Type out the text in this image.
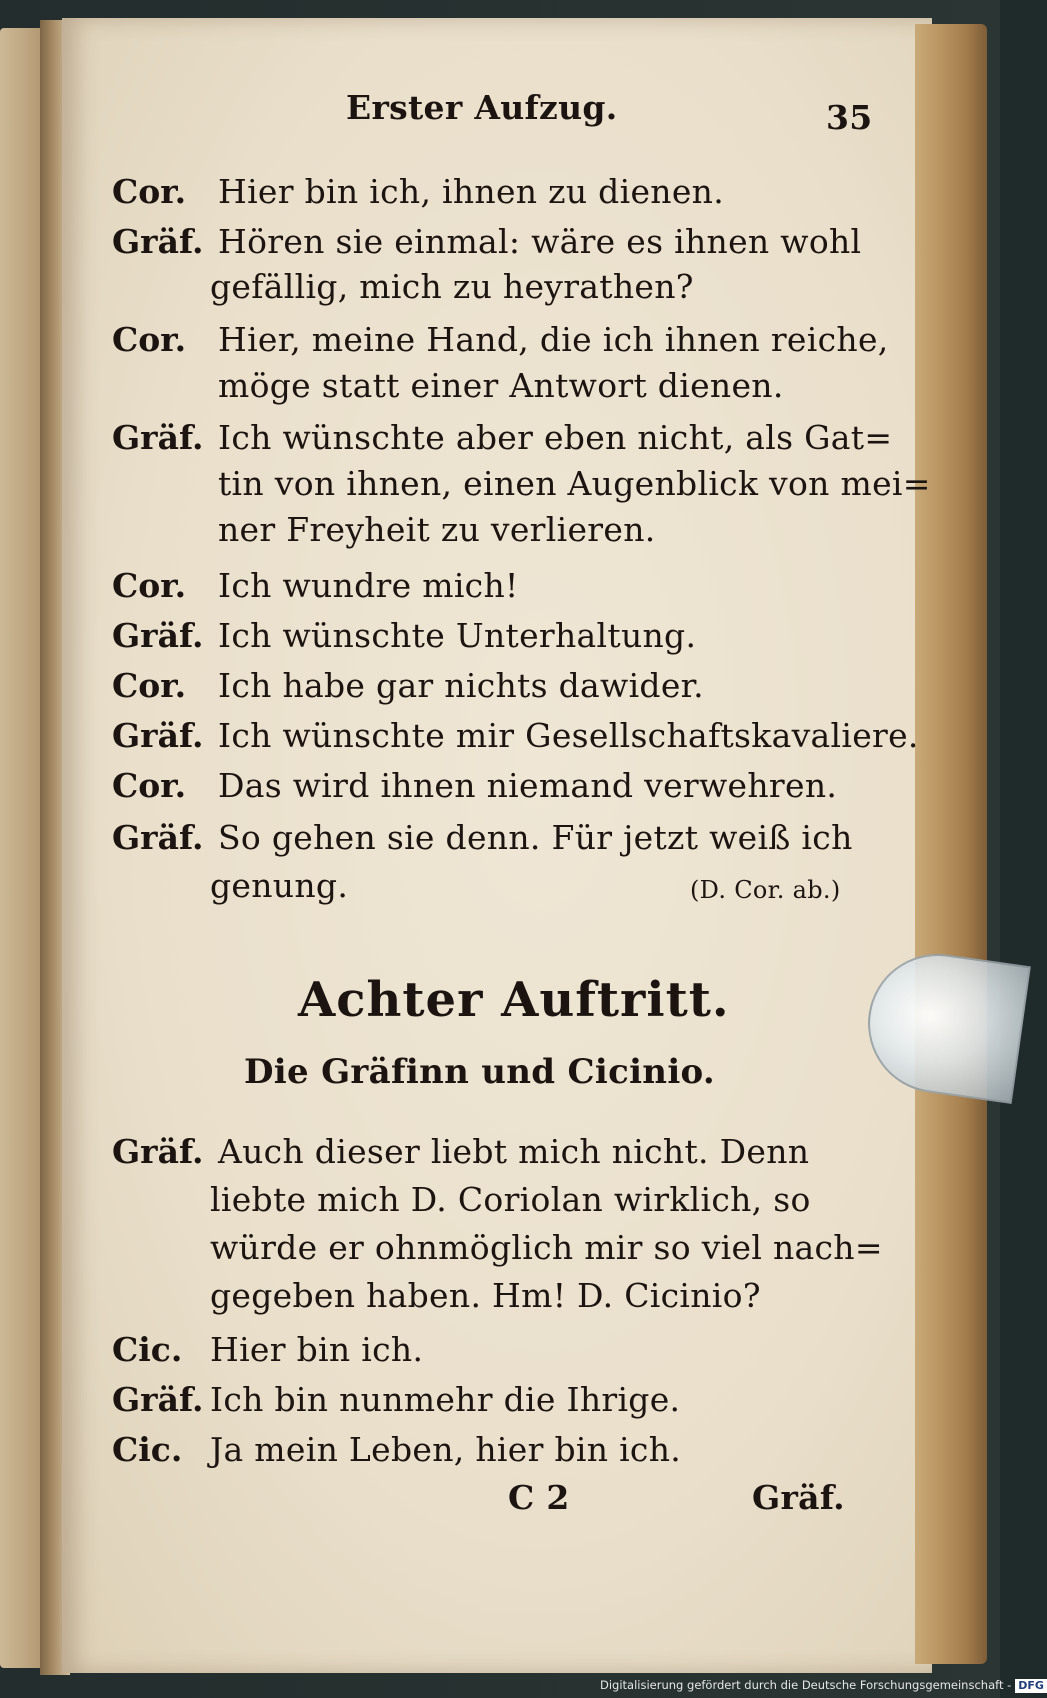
Erster Aufzug.	35
Cor. Hier bin ich, ihnen zu dienen.
Gräf. Hören sie einmal: wäre es ihnen wohl
gefällig, mich zu heyrathen?
Cor. Hier, meine Hand, die ich ihnen reiche,
möge statt einer Antwort dienen.
Gräf. Ich wünschte aber eben nicht, als Gat=
tin von ihnen, einen Augenblick von mei=
ner Freyheit zu verlieren.
Cor. Ich wundre mich!
Gräf. Ich wünschte Unterhaltung.
Cor. Ich habe gar nichts dawider.
Gräf. Ich wünschte mir Gesellschaftskavaliere.
Cor. Das wird ihnen niemand verwehren.
Gräf. So gehen sie denn. Für jetzt weiß ich
genung.	(D. Cor. ab.)
Achter Auftritt.
Die Gräfinn und Cicinio.
Gräf. Auch dieser liebt mich nicht. Denn
liebte mich D. Coriolan wirklich, so
würde er ohnmöglich mir so viel nach=
gegeben haben. Hm! D. Cicinio?
Cic. Hier bin ich.
Gräf. Ich bin nunmehr die Ihrige.
Cic. Ja mein Leben, hier bin ich.
C 2	Gräf.
Digitalisierung gefördert durch die Deutsche Forschungsgemeinschaft - DFG
